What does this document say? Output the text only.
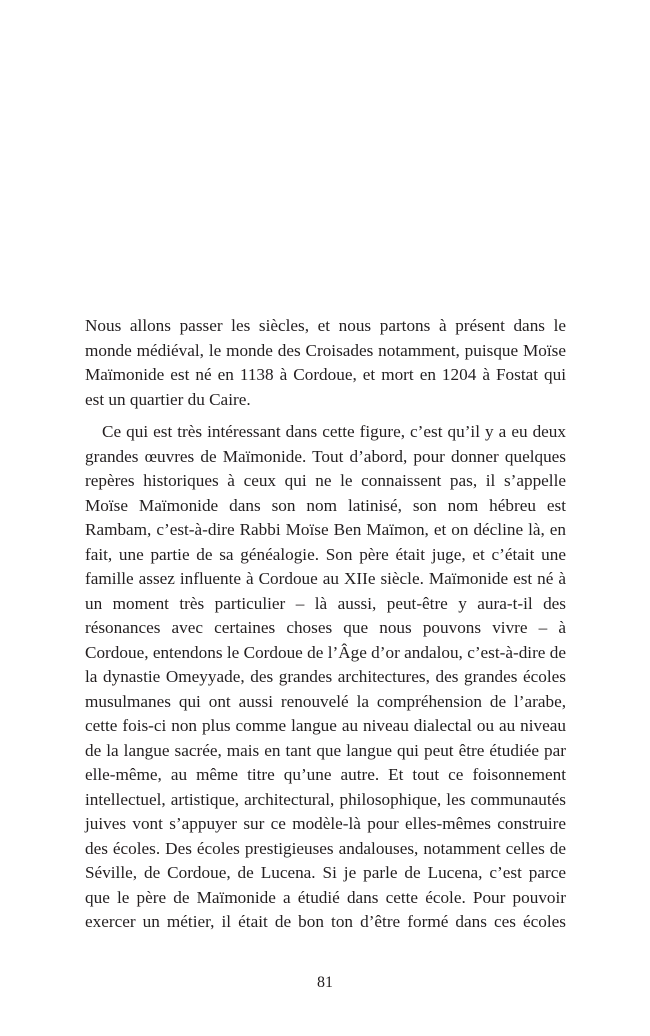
Nous allons passer les siècles, et nous partons à présent dans le monde médiéval, le monde des Croisades notamment, puisque Moïse Maïmonide est né en 1138 à Cordoue, et mort en 1204 à Fostat qui est un quartier du Caire.

Ce qui est très intéressant dans cette figure, c’est qu’il y a eu deux grandes œuvres de Maïmonide. Tout d’abord, pour donner quelques repères historiques à ceux qui ne le connaissent pas, il s’appelle Moïse Maïmonide dans son nom latinisé, son nom hébreu est Rambam, c’est-à-dire Rabbi Moïse Ben Maïmon, et on décline là, en fait, une partie de sa généalogie. Son père était juge, et c’était une famille assez influente à Cordoue au XIIe siècle. Maïmonide est né à un moment très particulier – là aussi, peut-être y aura-t-il des résonances avec certaines choses que nous pouvons vivre – à Cordoue, entendons le Cordoue de l’Âge d’or andalou, c’est-à-dire de la dynastie Omeyyade, des grandes architectures, des grandes écoles musulmanes qui ont aussi renouvelé la compréhension de l’arabe, cette fois-ci non plus comme langue au niveau dialectal ou au niveau de la langue sacrée, mais en tant que langue qui peut être étudiée par elle-même, au même titre qu’une autre. Et tout ce foisonnement intellectuel, artistique, architectural, philosophique, les communautés juives vont s’appuyer sur ce modèle-là pour elles-mêmes construire des écoles. Des écoles prestigieuses andalouses, notamment celles de Séville, de Cordoue, de Lucena. Si je parle de Lucena, c’est parce que le père de Maïmonide a étudié dans cette école. Pour pouvoir exercer un métier, il était de bon ton d’être formé dans ces écoles

81
